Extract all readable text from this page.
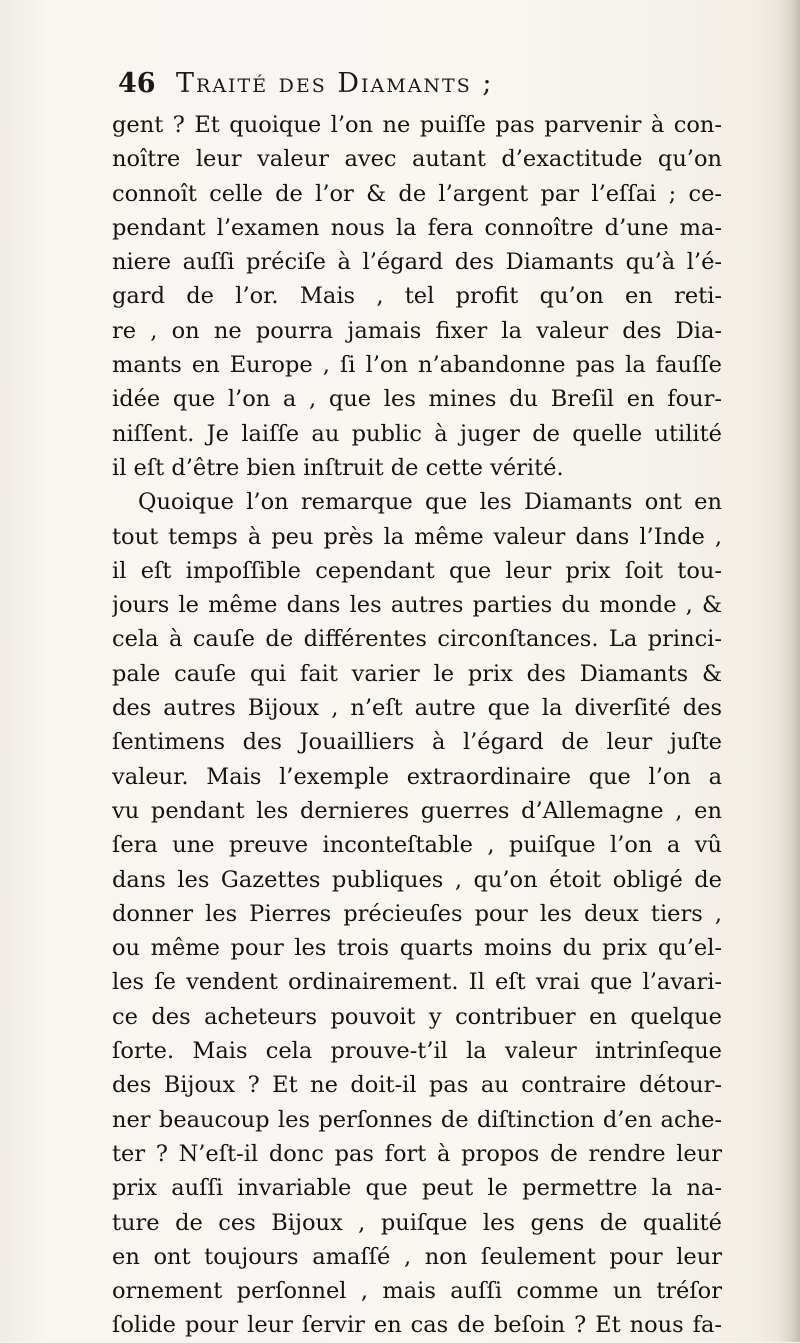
46 Traité des Diamants ;
gent ? Et quoique l’on ne puiſſe pas parvenir à con-
noître leur valeur avec autant d’exactitude qu’on
connoît celle de l’or & de l’argent par l’eſſai ; ce-
pendant l’examen nous la fera connoître d’une ma-
niere auſſi préciſe à l’égard des Diamants qu’à l’é-
gard de l’or. Mais , tel profit qu’on en reti-
re , on ne pourra jamais fixer la valeur des Dia-
mants en Europe , ſi l’on n’abandonne pas la fauſſe
idée que l’on a , que les mines du Breſil en four-
niſſent. Je laiſſe au public à juger de quelle utilité
il eſt d’être bien inſtruit de cette vérité.
Quoique l’on remarque que les Diamants ont en
tout temps à peu près la même valeur dans l’Inde ,
il eſt impoſſible cependant que leur prix ſoit tou-
jours le même dans les autres parties du monde , &
cela à cauſe de différentes circonſtances. La princi-
pale cauſe qui fait varier le prix des Diamants &
des autres Bijoux , n’eſt autre que la diverſité des
ſentimens des Jouailliers à l’égard de leur juſte
valeur. Mais l’exemple extraordinaire que l’on a
vu pendant les dernieres guerres d’Allemagne , en
ſera une preuve inconteſtable , puiſque l’on a vû
dans les Gazettes publiques , qu’on étoit obligé de
donner les Pierres précieuſes pour les deux tiers ,
ou même pour les trois quarts moins du prix qu’el-
les ſe vendent ordinairement. Il eſt vrai que l’avari-
ce des acheteurs pouvoit y contribuer en quelque
ſorte. Mais cela prouve-t’il la valeur intrinſeque
des Bijoux ? Et ne doit-il pas au contraire détour-
ner beaucoup les perſonnes de diſtinction d’en ache-
ter ? N’eſt-il donc pas fort à propos de rendre leur
prix auſſi invariable que peut le permettre la na-
ture de ces Bijoux , puiſque les gens de qualité
en ont toujours amaſſé , non ſeulement pour leur
ornement perſonnel , mais auſſi comme un tréſor
ſolide pour leur ſervir en cas de beſoin ? Et nous fa-
